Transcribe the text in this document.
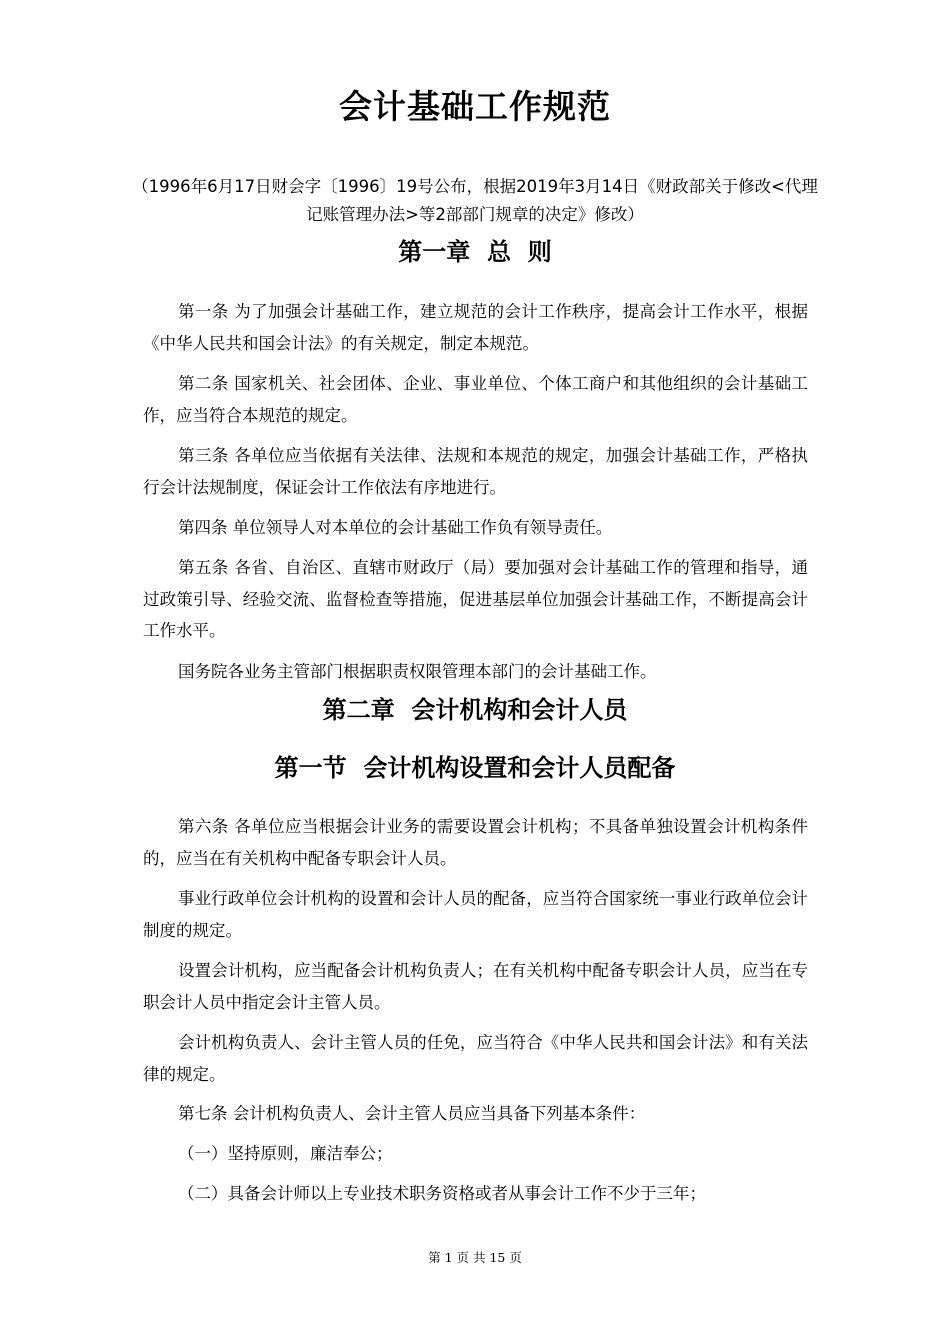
会计基础工作规范
（1996年6月17日财会字〔1996〕19号公布，根据2019年3月14日《财政部关于修改<代理记账管理办法>等2部部门规章的决定》修改）
第一章  总  则
第一条 为了加强会计基础工作，建立规范的会计工作秩序，提高会计工作水平，根据《中华人民共和国会计法》的有关规定，制定本规范。
第二条 国家机关、社会团体、企业、事业单位、个体工商户和其他组织的会计基础工作，应当符合本规范的规定。
第三条 各单位应当依据有关法律、法规和本规范的规定，加强会计基础工作，严格执行会计法规制度，保证会计工作依法有序地进行。
第四条 单位领导人对本单位的会计基础工作负有领导责任。
第五条 各省、自治区、直辖市财政厅（局）要加强对会计基础工作的管理和指导，通过政策引导、经验交流、监督检查等措施，促进基层单位加强会计基础工作，不断提高会计工作水平。
国务院各业务主管部门根据职责权限管理本部门的会计基础工作。
第二章  会计机构和会计人员
第一节  会计机构设置和会计人员配备
第六条 各单位应当根据会计业务的需要设置会计机构；不具备单独设置会计机构条件的，应当在有关机构中配备专职会计人员。
事业行政单位会计机构的设置和会计人员的配备，应当符合国家统一事业行政单位会计制度的规定。
设置会计机构，应当配备会计机构负责人；在有关机构中配备专职会计人员，应当在专职会计人员中指定会计主管人员。
会计机构负责人、会计主管人员的任免，应当符合《中华人民共和国会计法》和有关法律的规定。
第七条 会计机构负责人、会计主管人员应当具备下列基本条件：
（一）坚持原则，廉洁奉公；
（二）具备会计师以上专业技术职务资格或者从事会计工作不少于三年；
第 1 页 共 15 页
